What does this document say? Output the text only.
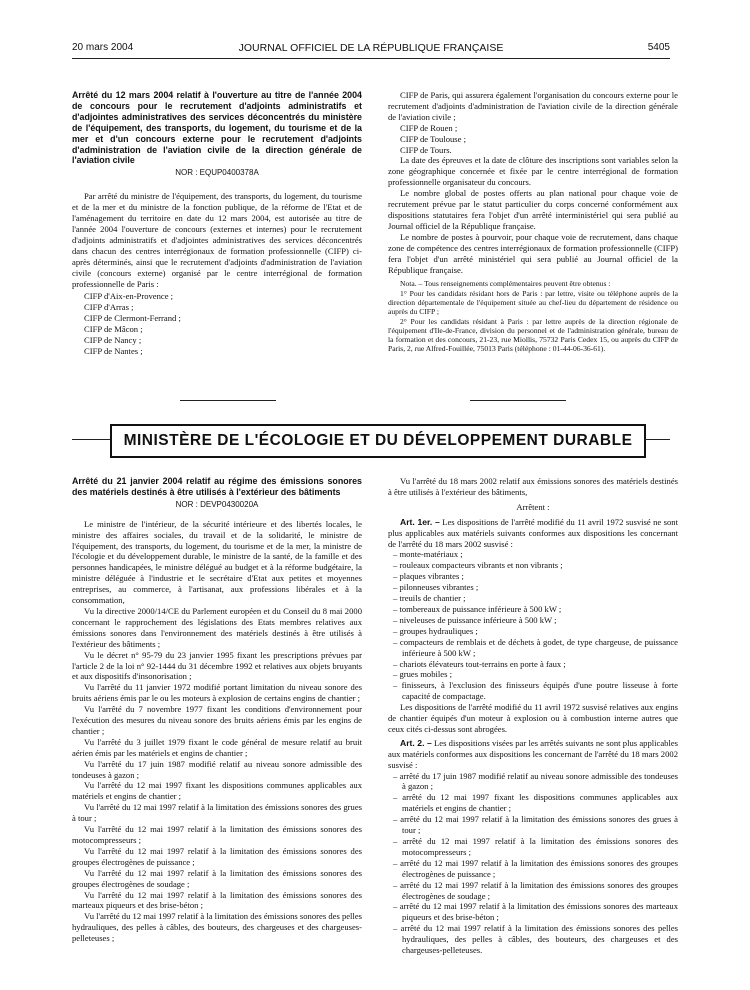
20 mars 2004	JOURNAL OFFICIEL DE LA RÉPUBLIQUE FRANÇAISE	5405
Arrêté du 12 mars 2004 relatif à l'ouverture au titre de l'année 2004 de concours pour le recrutement d'adjoints administratifs et d'adjointes administratives des services déconcentrés du ministère de l'équipement, des transports, du logement, du tourisme et de la mer et d'un concours externe pour le recrutement d'adjoints d'administration de l'aviation civile de la direction générale de l'aviation civile
NOR : EQUP0400378A

Par arrêté du ministre de l'équipement, des transports, du logement, du tourisme et de la mer et du ministre de la fonction publique, de la réforme de l'Etat et de l'aménagement du territoire en date du 12 mars 2004, est autorisée au titre de l'année 2004 l'ouverture de concours (externes et internes) pour le recrutement d'adjoints administratifs et d'adjointes administratives des services déconcentrés dans chacun des centres interrégionaux de formation professionnelle (CIFP) ci-après déterminés, ainsi que le recrutement d'adjoints d'administration de l'aviation civile (concours externe) organisé par le centre interrégional de formation professionnelle de Paris :

CIFP d'Aix-en-Provence ;
CIFP d'Arras ;
CIFP de Clermont-Ferrand ;
CIFP de Mâcon ;
CIFP de Nancy ;
CIFP de Nantes ;

CIFP de Paris, qui assurera également l'organisation du concours externe pour le recrutement d'adjoints d'administration de l'aviation civile de la direction générale de l'aviation civile ;

CIFP de Rouen ;
CIFP de Toulouse ;
CIFP de Tours.

La date des épreuves et la date de clôture des inscriptions sont variables selon la zone géographique concernée et fixée par le centre interrégional de formation professionnelle organisateur du concours.

Le nombre global de postes offerts au plan national pour chaque voie de recrutement prévue par le statut particulier du corps concerné conformément aux dispositions statutaires fera l'objet d'un arrêté interministériel qui sera publié au Journal officiel de la République française.

Le nombre de postes à pourvoir, pour chaque voie de recrutement, dans chaque zone de compétence des centres interrégionaux de formation professionnelle (CIFP) fera l'objet d'un arrêté ministériel qui sera publié au Journal officiel de la République française.

Nota. – Tous renseignements complémentaires peuvent être obtenus :

1° Pour les candidats résidant hors de Paris : par lettre, visite ou téléphone auprès de la direction départementale de l'équipement située au chef-lieu du département de résidence ou auprès du CIFP ;

2° Pour les candidats résidant à Paris : par lettre auprès de la direction régionale de l'équipement d'Ile-de-France, division du personnel et de l'administration générale, bureau de la formation et des concours, 21-23, rue Miollis, 75732 Paris Cedex 15, ou auprès du CIFP de Paris, 2, rue Alfred-Fouillée, 75013 Paris (téléphone : 01-44-06-36-61).

MINISTÈRE DE L'ÉCOLOGIE ET DU DÉVELOPPEMENT DURABLE
Arrêté du 21 janvier 2004 relatif au régime des émissions sonores des matériels destinés à être utilisés à l'extérieur des bâtiments
NOR : DEVP0430020A

Le ministre de l'intérieur, de la sécurité intérieure et des libertés locales, le ministre des affaires sociales, du travail et de la solidarité, le ministre de l'équipement, des transports, du logement, du tourisme et de la mer, la ministre de l'écologie et du développement durable, le ministre de la santé, de la famille et des personnes handicapées, le ministre délégué au budget et à la réforme budgétaire, la ministre déléguée à l'industrie et le secrétaire d'Etat aux petites et moyennes entreprises, au commerce, à l'artisanat, aux professions libérales et à la consommation,

Vu la directive 2000/14/CE du Parlement européen et du Conseil du 8 mai 2000 concernant le rapprochement des législations des Etats membres relatives aux émissions sonores dans l'environnement des matériels destinés à être utilisés à l'extérieur des bâtiments ;

Vu le décret n° 95-79 du 23 janvier 1995 fixant les prescriptions prévues par l'article 2 de la loi n° 92-1444 du 31 décembre 1992 et relatives aux objets bruyants et aux dispositifs d'insonorisation ;

Vu l'arrêté du 11 janvier 1972 modifié portant limitation du niveau sonore des bruits aériens émis par le ou les moteurs à explosion de certains engins de chantier ;

Vu l'arrêté du 7 novembre 1977 fixant les conditions d'environnement pour l'exécution des mesures du niveau sonore des bruits aériens émis par les engins de chantier ;

Vu l'arrêté du 3 juillet 1979 fixant le code général de mesure relatif au bruit aérien émis par les matériels et engins de chantier ;

Vu l'arrêté du 17 juin 1987 modifié relatif au niveau sonore admissible des tondeuses à gazon ;

Vu l'arrêté du 12 mai 1997 fixant les dispositions communes applicables aux matériels et engins de chantier ;

Vu l'arrêté du 12 mai 1997 relatif à la limitation des émissions sonores des grues à tour ;

Vu l'arrêté du 12 mai 1997 relatif à la limitation des émissions sonores des motocompresseurs ;

Vu l'arrêté du 12 mai 1997 relatif à la limitation des émissions sonores des groupes électrogènes de puissance ;

Vu l'arrêté du 12 mai 1997 relatif à la limitation des émissions sonores des groupes électrogènes de soudage ;

Vu l'arrêté du 12 mai 1997 relatif à la limitation des émissions sonores des marteaux piqueurs et des brise-béton ;

Vu l'arrêté du 12 mai 1997 relatif à la limitation des émissions sonores des pelles hydrauliques, des pelles à câbles, des bouteurs, des chargeuses et des chargeuses-pelleteuses ;

Vu l'arrêté du 18 mars 2002 relatif aux émissions sonores des matériels destinés à être utilisés à l'extérieur des bâtiments,

Arrêtent :

Art. 1er. – Les dispositions de l'arrêté modifié du 11 avril 1972 susvisé ne sont plus applicables aux matériels suivants conformes aux dispositions les concernant de l'arrêté du 18 mars 2002 susvisé :

– monte-matériaux ;
– rouleaux compacteurs vibrants et non vibrants ;
– plaques vibrantes ;
– pilonneuses vibrantes ;
– treuils de chantier ;
– tombereaux de puissance inférieure à 500 kW ;
– niveleuses de puissance inférieure à 500 kW ;
– groupes hydrauliques ;
– compacteurs de remblais et de déchets à godet, de type chargeuse, de puissance inférieure à 500 kW ;
– chariots élévateurs tout-terrains en porte à faux ;
– grues mobiles ;
– finisseurs, à l'exclusion des finisseurs équipés d'une poutre lisseuse à forte capacité de compactage.

Les dispositions de l'arrêté modifié du 11 avril 1972 susvisé relatives aux engins de chantier équipés d'un moteur à explosion ou à combustion interne autres que ceux cités ci-dessus sont abrogées.

Art. 2. – Les dispositions visées par les arrêtés suivants ne sont plus applicables aux matériels conformes aux dispositions les concernant de l'arrêté du 18 mars 2002 susvisé :

– arrêté du 17 juin 1987 modifié relatif au niveau sonore admissible des tondeuses à gazon ;
– arrêté du 12 mai 1997 fixant les dispositions communes applicables aux matériels et engins de chantier ;
– arrêté du 12 mai 1997 relatif à la limitation des émissions sonores des grues à tour ;
– arrêté du 12 mai 1997 relatif à la limitation des émissions sonores des motocompresseurs ;
– arrêté du 12 mai 1997 relatif à la limitation des émissions sonores des groupes électrogènes de puissance ;
– arrêté du 12 mai 1997 relatif à la limitation des émissions sonores des groupes électrogènes de soudage ;
– arrêté du 12 mai 1997 relatif à la limitation des émissions sonores des marteaux piqueurs et des brise-béton ;
– arrêté du 12 mai 1997 relatif à la limitation des émissions sonores des pelles hydrauliques, des pelles à câbles, des bouteurs, des chargeuses et des chargeuses-pelleteuses.
